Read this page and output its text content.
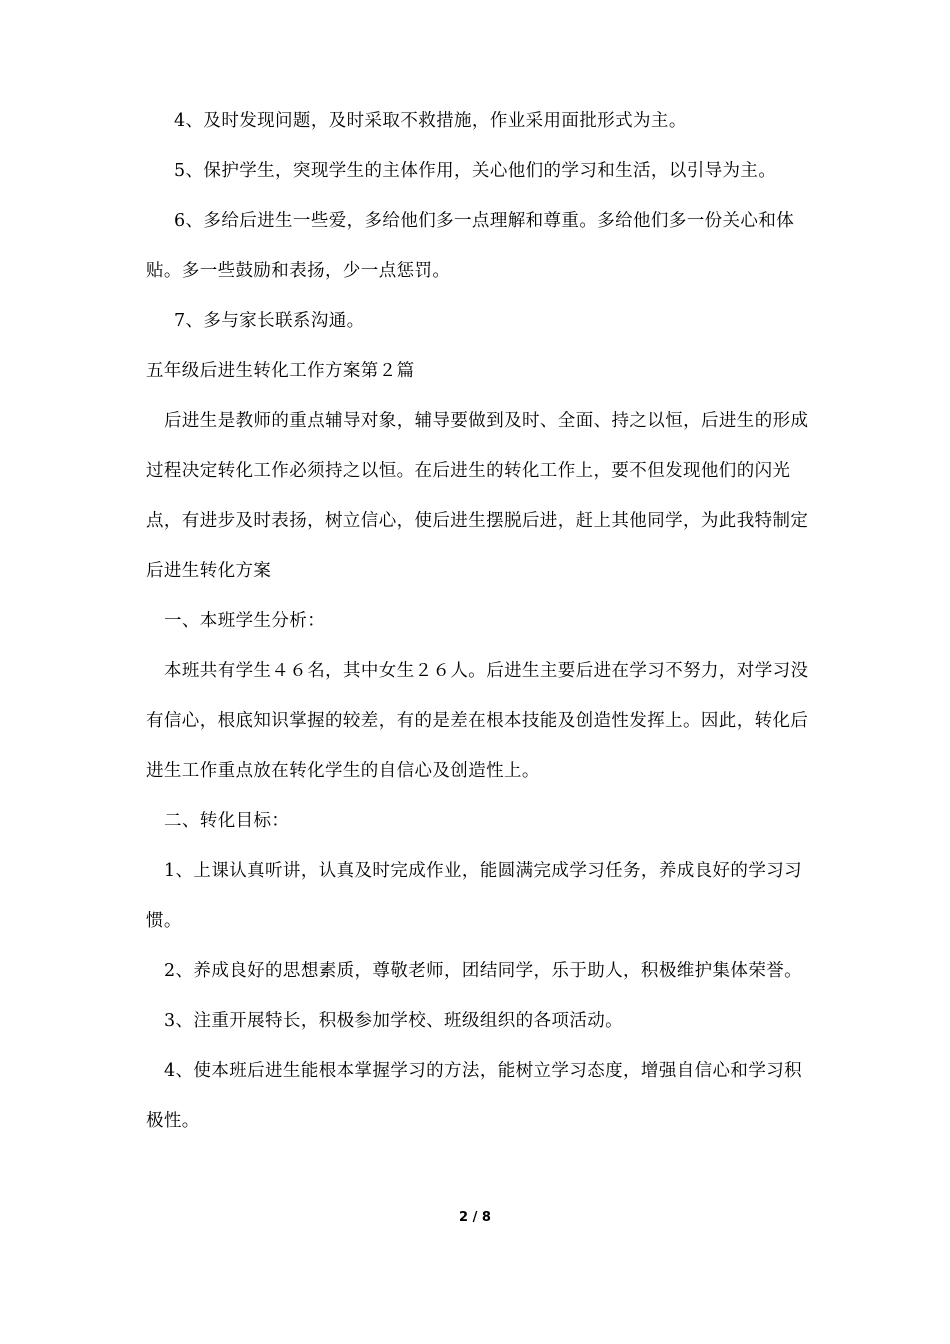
4、及时发现问题，及时采取不救措施，作业采用面批形式为主。

5、保护学生，突现学生的主体作用，关心他们的学习和生活，以引导为主。

6、多给后进生一些爱，多给他们多一点理解和尊重。多给他们多一份关心和体贴。多一些鼓励和表扬，少一点惩罚。

7、多与家长联系沟通。

五年级后进生转化工作方案第２篇

后进生是教师的重点辅导对象，辅导要做到及时、全面、持之以恒，后进生的形成过程决定转化工作必须持之以恒。在后进生的转化工作上，要不但发现他们的闪光点，有进步及时表扬，树立信心，使后进生摆脱后进，赶上其他同学，为此我特制定后进生转化方案

一、本班学生分析：

本班共有学生４６名，其中女生２６人。后进生主要后进在学习不努力，对学习没有信心，根底知识掌握的较差，有的是差在根本技能及创造性发挥上。因此，转化后进生工作重点放在转化学生的自信心及创造性上。

二、转化目标：

1、上课认真听讲，认真及时完成作业，能圆满完成学习任务，养成良好的学习习惯。

2、养成良好的思想素质，尊敬老师，团结同学，乐于助人，积极维护集体荣誉。

3、注重开展特长，积极参加学校、班级组织的各项活动。

4、使本班后进生能根本掌握学习的方法，能树立学习态度，增强自信心和学习积极性。

2 / 8
